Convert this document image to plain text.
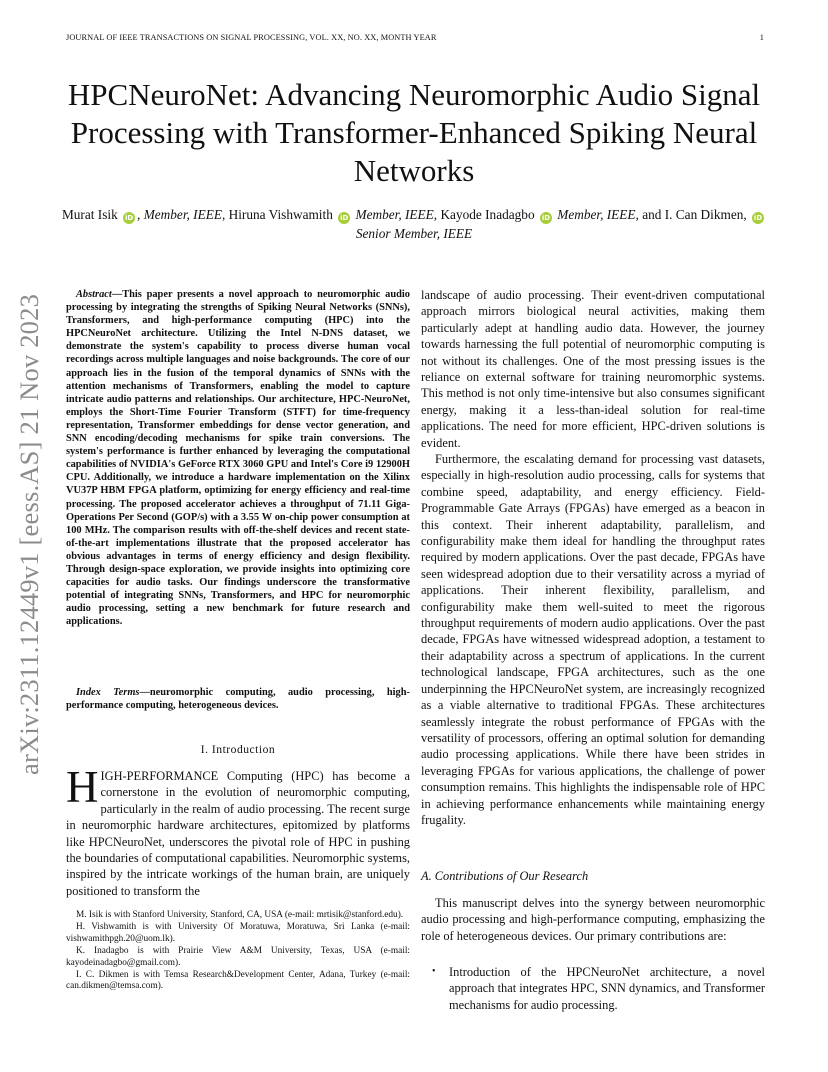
JOURNAL OF IEEE TRANSACTIONS ON SIGNAL PROCESSING, VOL. XX, NO. XX, MONTH YEAR	1
arXiv:2311.12449v1 [eess.AS] 21 Nov 2023
HPCNeuroNet: Advancing Neuromorphic Audio Signal Processing with Transformer-Enhanced Spiking Neural Networks
Murat Isik iD , Member, IEEE, Hiruna Vishwamith iD Member, IEEE, Kayode Inadagbo iD Member, IEEE, and I. Can Dikmen, iD Senior Member, IEEE
Abstract—This paper presents a novel approach to neuromorphic audio processing by integrating the strengths of Spiking Neural Networks (SNNs), Transformers, and high-performance computing (HPC) into the HPCNeuroNet architecture. Utilizing the Intel N-DNS dataset, we demonstrate the system's capability to process diverse human vocal recordings across multiple languages and noise backgrounds. The core of our approach lies in the fusion of the temporal dynamics of SNNs with the attention mechanisms of Transformers, enabling the model to capture intricate audio patterns and relationships. Our architecture, HPC-NeuroNet, employs the Short-Time Fourier Transform (STFT) for time-frequency representation, Transformer embeddings for dense vector generation, and SNN encoding/decoding mechanisms for spike train conversions. The system's performance is further enhanced by leveraging the computational capabilities of NVIDIA's GeForce RTX 3060 GPU and Intel's Core i9 12900H CPU. Additionally, we introduce a hardware implementation on the Xilinx VU37P HBM FPGA platform, optimizing for energy efficiency and real-time processing. The proposed accelerator achieves a throughput of 71.11 Giga-Operations Per Second (GOP/s) with a 3.55 W on-chip power consumption at 100 MHz. The comparison results with off-the-shelf devices and recent state-of-the-art implementations illustrate that the proposed accelerator has obvious advantages in terms of energy efficiency and design flexibility. Through design-space exploration, we provide insights into optimizing core capacities for audio tasks. Our findings underscore the transformative potential of integrating SNNs, Transformers, and HPC for neuromorphic audio processing, setting a new benchmark for future research and applications.
Index Terms—neuromorphic computing, audio processing, high-performance computing, heterogeneous devices.
I. Introduction
HIGH-PERFORMANCE Computing (HPC) has become a cornerstone in the evolution of neuromorphic computing, particularly in the realm of audio processing. The recent surge in neuromorphic hardware architectures, epitomized by platforms like HPCNeuroNet, underscores the pivotal role of HPC in pushing the boundaries of computational capabilities. Neuromorphic systems, inspired by the intricate workings of the human brain, are uniquely positioned to transform the

M. Isik is with Stanford University, Stanford, CA, USA (e-mail: mrtisik@stanford.edu).

H. Vishwamith is with University Of Moratuwa, Moratuwa, Sri Lanka (e-mail: vishwamithpgh.20@uom.lk).

K. Inadagbo is with Prairie View A&M University, Texas, USA (e-mail: kayodeinadagbo@gmail.com).

I. C. Dikmen is with Temsa Research&Development Center, Adana, Turkey (e-mail: can.dikmen@temsa.com).

landscape of audio processing. Their event-driven computational approach mirrors biological neural activities, making them particularly adept at handling audio data. However, the journey towards harnessing the full potential of neuromorphic computing is not without its challenges. One of the most pressing issues is the reliance on external software for training neuromorphic systems. This method is not only time-intensive but also consumes significant energy, making it a less-than-ideal solution for real-time applications. The need for more efficient, HPC-driven solutions is evident.
Furthermore, the escalating demand for processing vast datasets, especially in high-resolution audio processing, calls for systems that combine speed, adaptability, and energy efficiency. Field-Programmable Gate Arrays (FPGAs) have emerged as a beacon in this context. Their inherent adaptability, parallelism, and configurability make them ideal for handling the throughput rates required by modern applications. Over the past decade, FPGAs have seen widespread adoption due to their versatility across a myriad of applications. Their inherent flexibility, parallelism, and configurability make them well-suited to meet the rigorous throughput requirements of modern audio applications. Over the past decade, FPGAs have witnessed widespread adoption, a testament to their adaptability across a spectrum of applications. In the current technological landscape, FPGA architectures, such as the one underpinning the HPCNeuroNet system, are increasingly recognized as a viable alternative to traditional FPGAs. These architectures seamlessly integrate the robust performance of FPGAs with the versatility of processors, offering an optimal solution for demanding audio processing applications. While there have been strides in leveraging FPGAs for various applications, the challenge of power consumption remains. This highlights the indispensable role of HPC in achieving performance enhancements while maintaining energy frugality.
A. Contributions of Our Research
This manuscript delves into the synergy between neuromorphic audio processing and high-performance computing, emphasizing the role of heterogeneous devices. Our primary contributions are:
•	Introduction of the HPCNeuroNet architecture, a novel approach that integrates HPC, SNN dynamics, and Transformer mechanisms for audio processing.
